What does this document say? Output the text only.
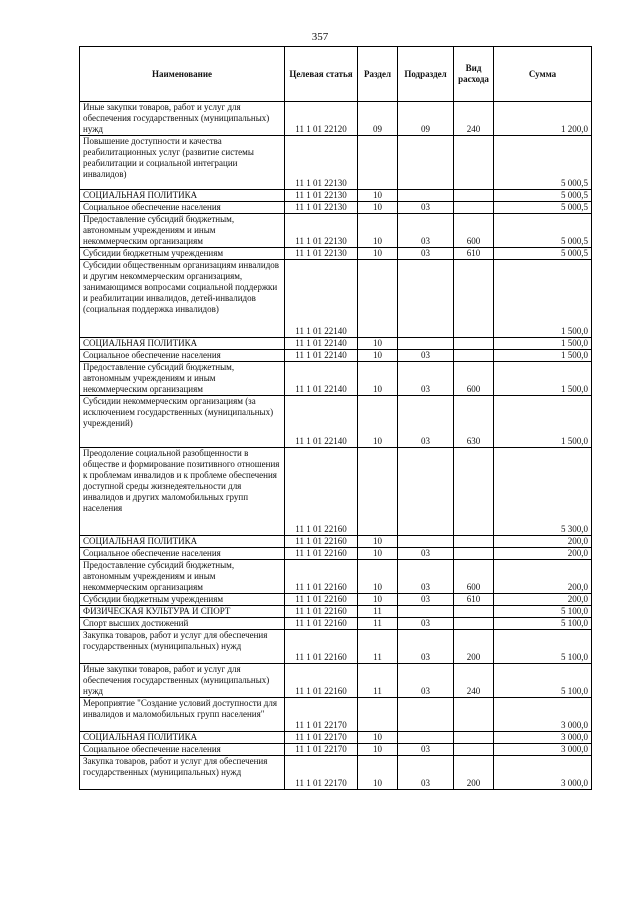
357
Наименование	Целевая статья	Раздел	Подраздел	Вид расхода	Сумма
Иные закупки товаров, работ и услуг для обеспечения государственных (муниципальных) нужд	11 1 01 22120	09	09	240	1 200,0
Повышение доступности и качества реабилитационных услуг (развитие системы реабилитации и социальной интеграции инвалидов)	11 1 01 22130				5 000,5
СОЦИАЛЬНАЯ ПОЛИТИКА	11 1 01 22130	10			5 000,5
Социальное обеспечение населения	11 1 01 22130	10	03		5 000,5
Предоставление субсидий бюджетным, автономным учреждениям и иным некоммерческим организациям	11 1 01 22130	10	03	600	5 000,5
Субсидии бюджетным учреждениям	11 1 01 22130	10	03	610	5 000,5
Субсидии общественным организациям инвалидов и другим некоммерческим организациям, занимающимся вопросами социальной поддержки и реабилитации инвалидов, детей-инвалидов (социальная поддержка инвалидов)	11 1 01 22140				1 500,0
СОЦИАЛЬНАЯ ПОЛИТИКА	11 1 01 22140	10			1 500,0
Социальное обеспечение населения	11 1 01 22140	10	03		1 500,0
Предоставление субсидий бюджетным, автономным учреждениям и иным некоммерческим организациям	11 1 01 22140	10	03	600	1 500,0
Субсидии некоммерческим организациям (за исключением государственных (муниципальных) учреждений)	11 1 01 22140	10	03	630	1 500,0
Преодоление социальной разобщенности в обществе и формирование позитивного отношения к проблемам инвалидов и к проблеме обеспечения доступной среды жизнедеятельности для инвалидов и других маломобильных групп населения	11 1 01 22160				5 300,0
СОЦИАЛЬНАЯ ПОЛИТИКА	11 1 01 22160	10			200,0
Социальное обеспечение населения	11 1 01 22160	10	03		200,0
Предоставление субсидий бюджетным, автономным учреждениям и иным некоммерческим организациям	11 1 01 22160	10	03	600	200,0
Субсидии бюджетным учреждениям	11 1 01 22160	10	03	610	200,0
ФИЗИЧЕСКАЯ КУЛЬТУРА И СПОРТ	11 1 01 22160	11			5 100,0
Спорт высших достижений	11 1 01 22160	11	03		5 100,0
Закупка товаров, работ и услуг для обеспечения государственных (муниципальных) нужд	11 1 01 22160	11	03	200	5 100,0
Иные закупки товаров, работ и услуг для обеспечения государственных (муниципальных) нужд	11 1 01 22160	11	03	240	5 100,0
Мероприятие "Создание условий доступности для инвалидов и маломобильных групп населения"	11 1 01 22170				3 000,0
СОЦИАЛЬНАЯ ПОЛИТИКА	11 1 01 22170	10			3 000,0
Социальное обеспечение населения	11 1 01 22170	10	03		3 000,0
Закупка товаров, работ и услуг для обеспечения государственных (муниципальных) нужд	11 1 01 22170	10	03	200	3 000,0
